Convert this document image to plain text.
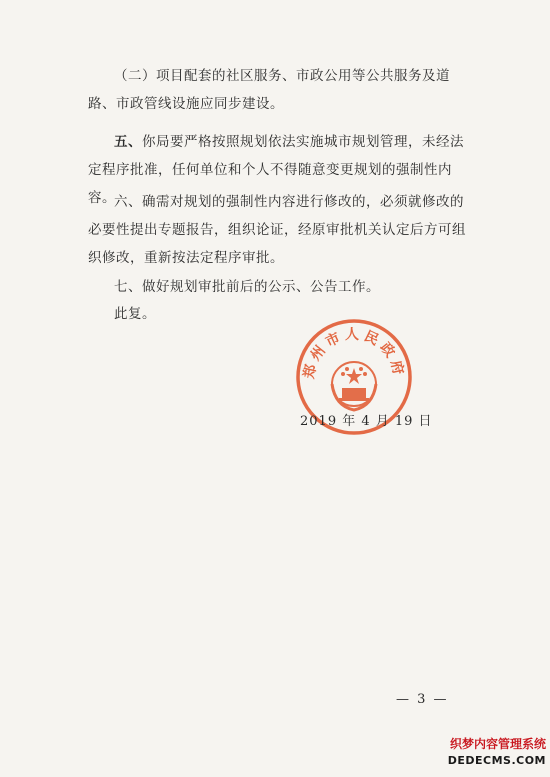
（二）项目配套的社区服务、市政公用等公共服务及道路、市政管线设施应同步建设。

五、你局要严格按照规划依法实施城市规划管理，未经法定程序批准，任何单位和个人不得随意变更规划的强制性内容。

六、确需对规划的强制性内容进行修改的，必须就修改的必要性提出专题报告，组织论证，经原审批机关认定后方可组织修改，重新按法定程序审批。

七、做好规划审批前后的公示、公告工作。

此复。

郑州市人民政府
2019 年 4 月 19 日
— 3 —
织梦内容管理系统
DEDECMS.COM
